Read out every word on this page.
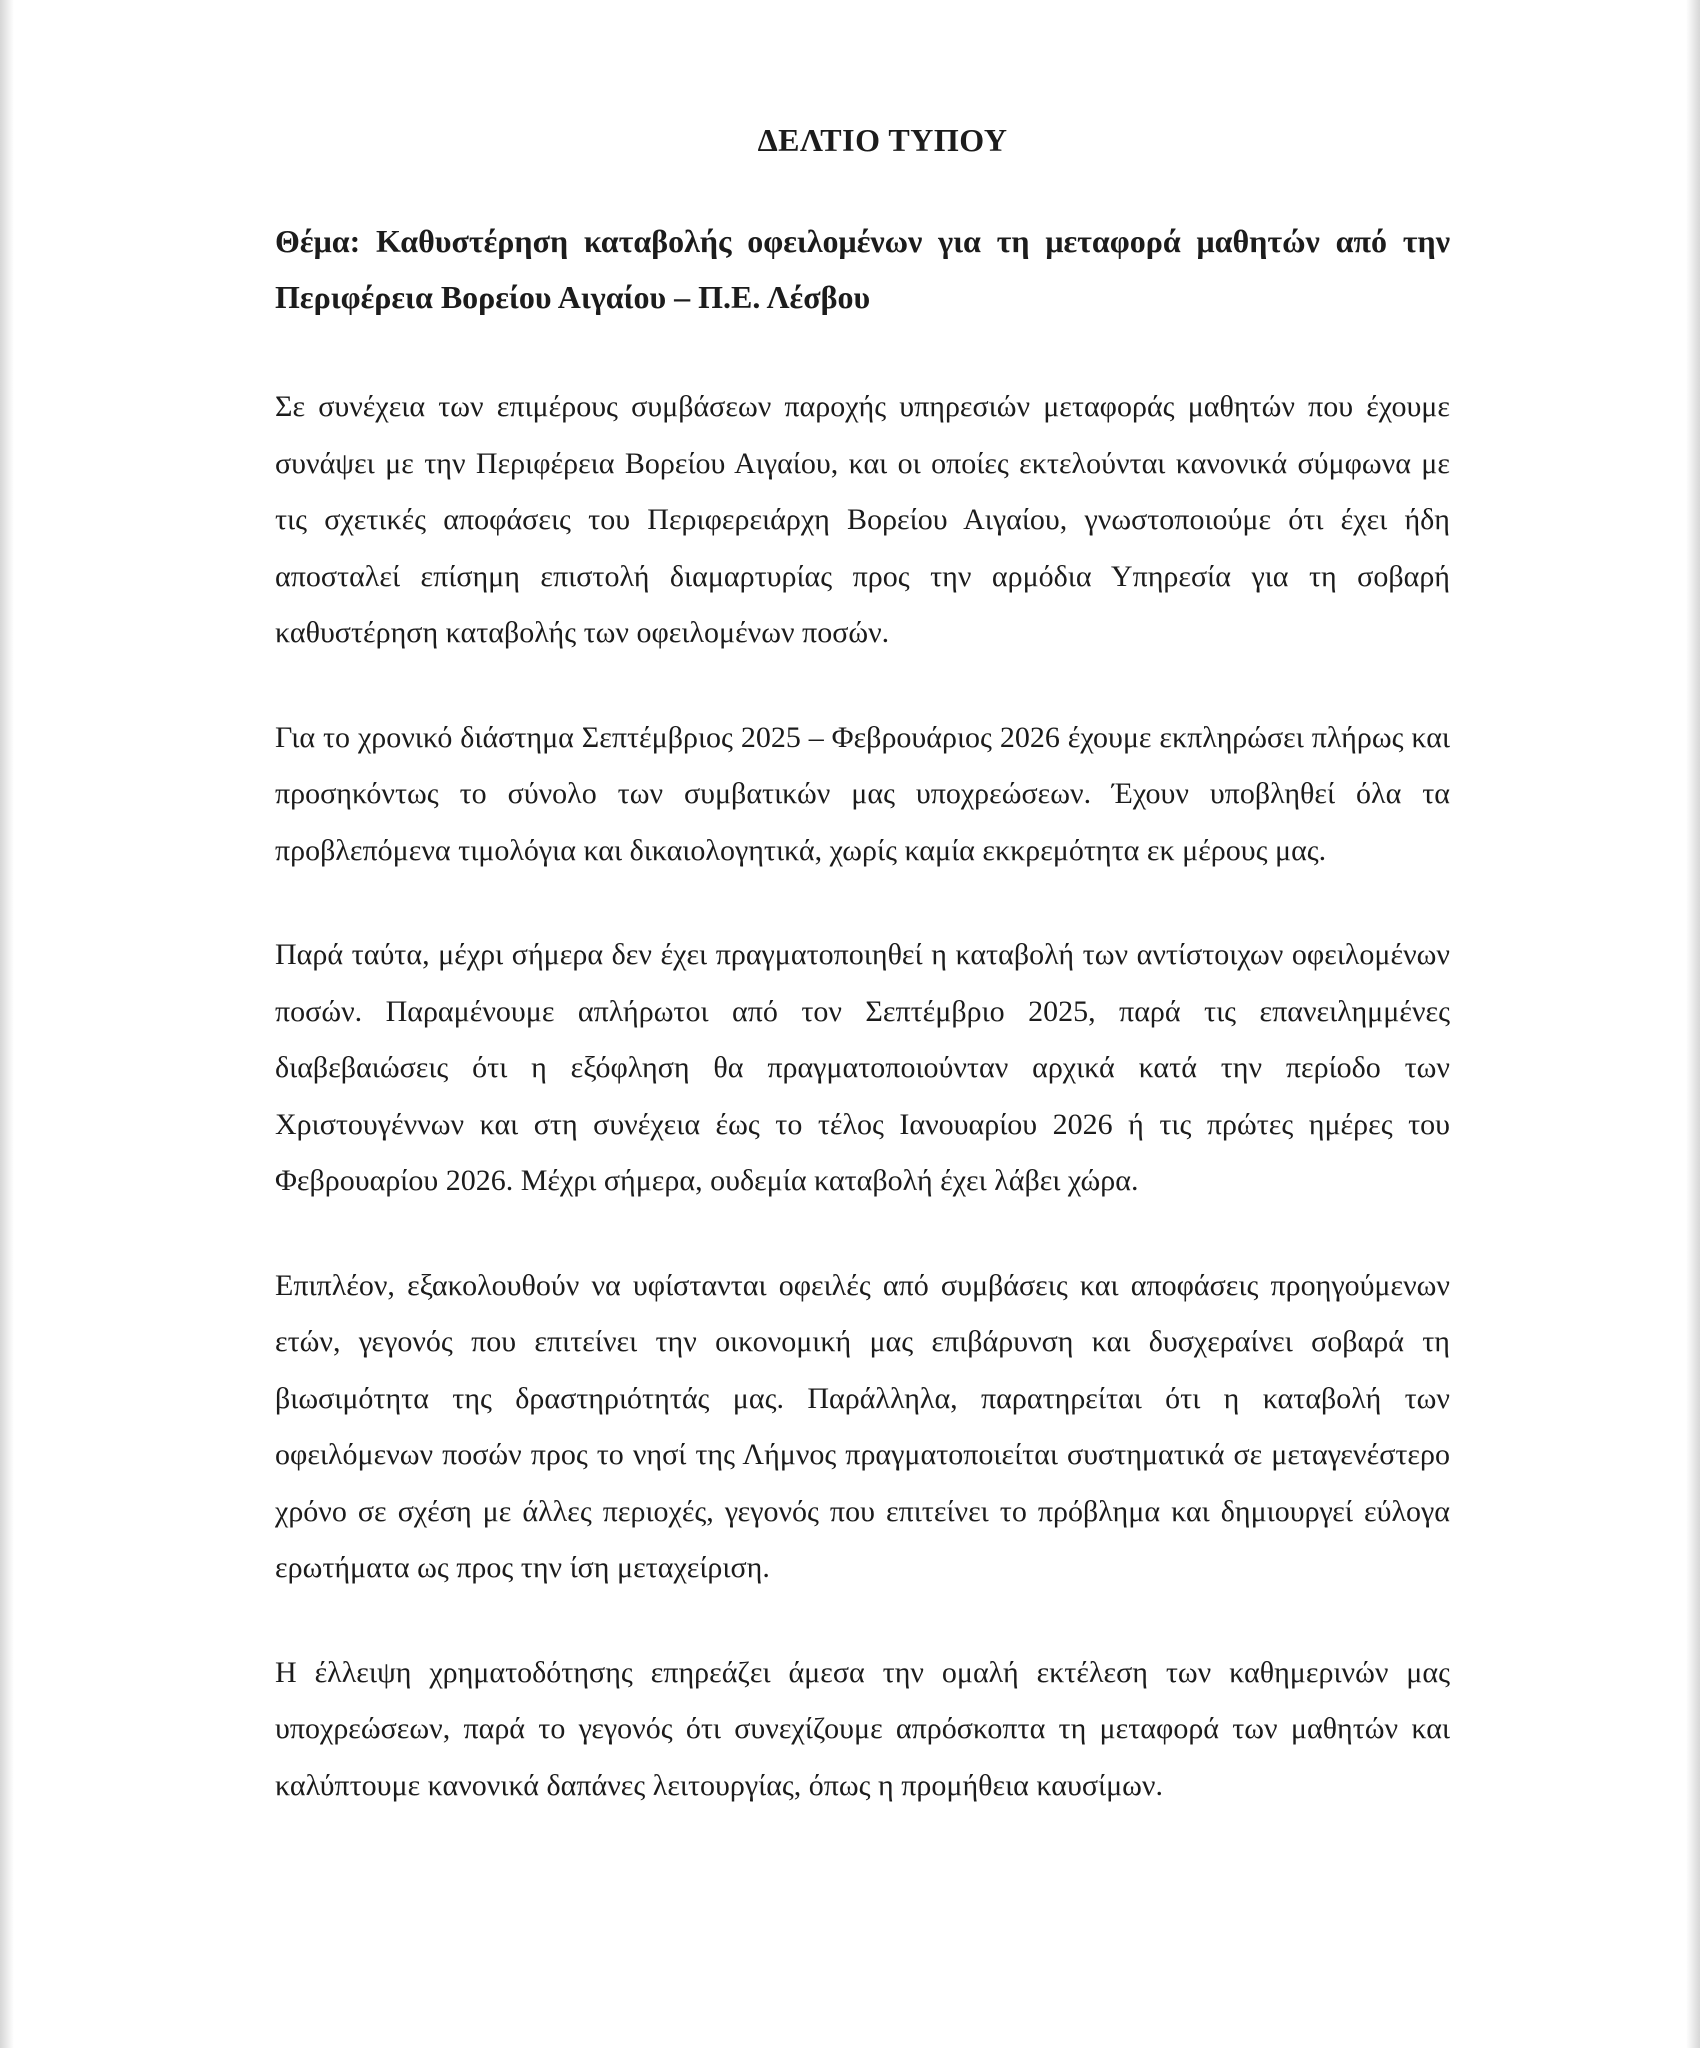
ΔΕΛΤΙΟ ΤΥΠΟΥ

Θέμα: Καθυστέρηση καταβολής οφειλομένων για τη μεταφορά μαθητών από την Περιφέρεια Βορείου Αιγαίου – Π.Ε. Λέσβου

Σε συνέχεια των επιμέρους συμβάσεων παροχής υπηρεσιών μεταφοράς μαθητών που έχουμε συνάψει με την Περιφέρεια Βορείου Αιγαίου, και οι οποίες εκτελούνται κανονικά σύμφωνα με τις σχετικές αποφάσεις του Περιφερειάρχη Βορείου Αιγαίου, γνωστοποιούμε ότι έχει ήδη αποσταλεί επίσημη επιστολή διαμαρτυρίας προς την αρμόδια Υπηρεσία για τη σοβαρή καθυστέρηση καταβολής των οφειλομένων ποσών.

Για το χρονικό διάστημα Σεπτέμβριος 2025 – Φεβρουάριος 2026 έχουμε εκπληρώσει πλήρως και προσηκόντως το σύνολο των συμβατικών μας υποχρεώσεων. Έχουν υποβληθεί όλα τα προβλεπόμενα τιμολόγια και δικαιολογητικά, χωρίς καμία εκκρεμότητα εκ μέρους μας.

Παρά ταύτα, μέχρι σήμερα δεν έχει πραγματοποιηθεί η καταβολή των αντίστοιχων οφειλομένων ποσών. Παραμένουμε απλήρωτοι από τον Σεπτέμβριο 2025, παρά τις επανειλημμένες διαβεβαιώσεις ότι η εξόφληση θα πραγματοποιούνταν αρχικά κατά την περίοδο των Χριστουγέννων και στη συνέχεια έως το τέλος Ιανουαρίου 2026 ή τις πρώτες ημέρες του Φεβρουαρίου 2026. Μέχρι σήμερα, ουδεμία καταβολή έχει λάβει χώρα.

Επιπλέον, εξακολουθούν να υφίστανται οφειλές από συμβάσεις και αποφάσεις προηγούμενων ετών, γεγονός που επιτείνει την οικονομική μας επιβάρυνση και δυσχεραίνει σοβαρά τη βιωσιμότητα της δραστηριότητάς μας. Παράλληλα, παρατηρείται ότι η καταβολή των οφειλόμενων ποσών προς το νησί της Λήμνος πραγματοποιείται συστηματικά σε μεταγενέστερο χρόνο σε σχέση με άλλες περιοχές, γεγονός που επιτείνει το πρόβλημα και δημιουργεί εύλογα ερωτήματα ως προς την ίση μεταχείριση.

Η έλλειψη χρηματοδότησης επηρεάζει άμεσα την ομαλή εκτέλεση των καθημερινών μας υποχρεώσεων, παρά το γεγονός ότι συνεχίζουμε απρόσκοπτα τη μεταφορά των μαθητών και καλύπτουμε κανονικά δαπάνες λειτουργίας, όπως η προμήθεια καυσίμων.
